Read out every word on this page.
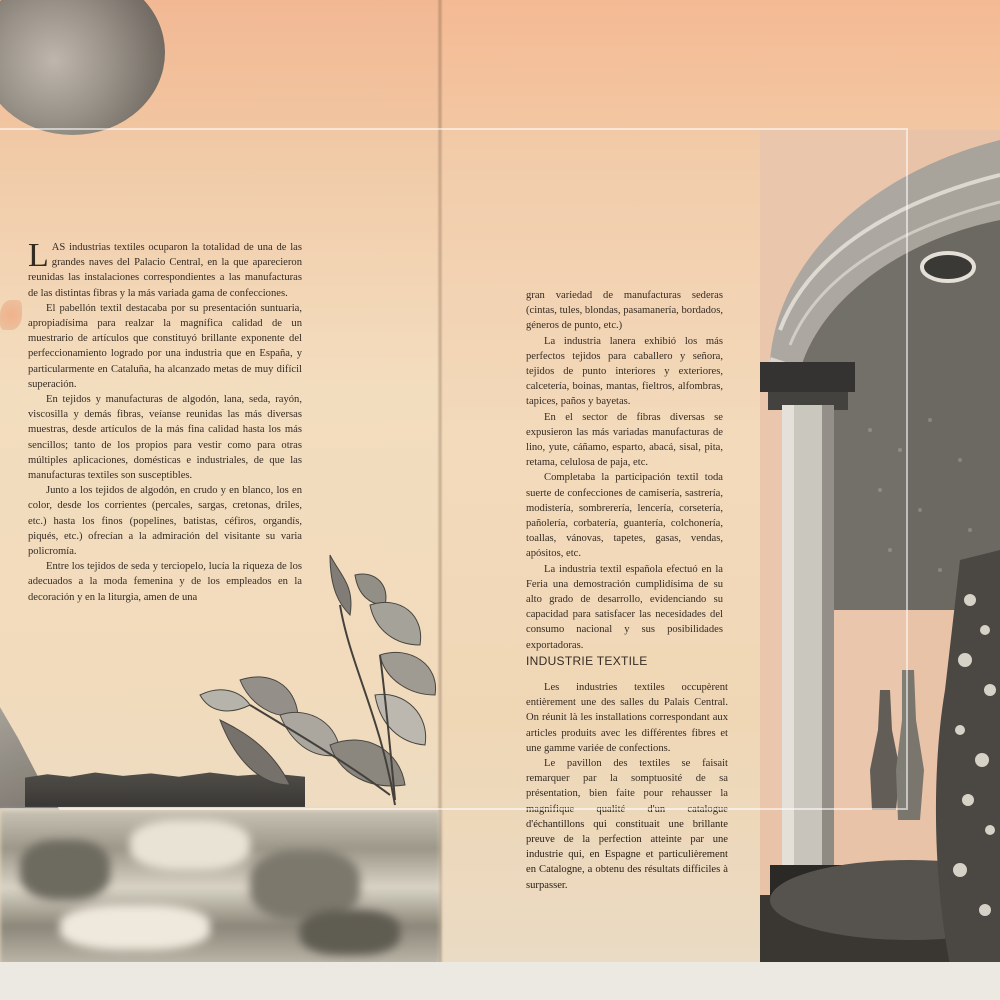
LAS industrias textiles ocuparon la totalidad de una de las grandes naves del Palacio Central, en la que aparecieron reunidas las instalaciones correspondientes a las manufacturas de las distintas fibras y la más variada gama de confecciones.

El pabellón textil destacaba por su presentación suntuaria, apropiadísima para realzar la magnífica calidad de un muestrario de artículos que constituyó brillante exponente del perfeccionamiento logrado por una industria que en España, y particularmente en Cataluña, ha alcanzado metas de muy difícil superación.

En tejidos y manufacturas de algodón, lana, seda, rayón, viscosilla y demás fibras, veíanse reunidas las más diversas muestras, desde artículos de la más fina calidad hasta los más sencillos; tanto de los propios para vestir como para otras múltiples aplicaciones, domésticas e industriales, de que las manufacturas textiles son susceptibles.

Junto a los tejidos de algodón, en crudo y en blanco, los en color, desde los corrientes (percales, sargas, cretonas, driles, etc.) hasta los finos (popelines, batistas, céfiros, organdís, piqués, etc.) ofrecían a la admiración del visitante su varia policromía.

Entre los tejidos de seda y terciopelo, lucía la riqueza de los adecuados a la moda femenina y de los empleados en la decoración y en la liturgia, amen de una

gran variedad de manufacturas sederas (cintas, tules, blondas, pasamanería, bordados, géneros de punto, etc.)

La industria lanera exhibió los más perfectos tejidos para caballero y señora, tejidos de punto interiores y exteriores, calcetería, boinas, mantas, fieltros, alfombras, tapices, paños y bayetas.

En el sector de fibras diversas se expusieron las más variadas manufacturas de lino, yute, cáñamo, esparto, abacá, sisal, pita, retama, celulosa de paja, etc.

Completaba la participación textil toda suerte de confecciones de camisería, sastrería, modistería, sombrerería, lencería, corsetería, pañolería, corbatería, guantería, colchonería, toallas, vánovas, tapetes, gasas, vendas, apósitos, etc.

La industria textil española efectuó en la Feria una demostración cumplidísima de su alto grado de desarrollo, evidenciando su capacidad para satisfacer las necesidades del consumo nacional y sus posibilidades exportadoras.

INDUSTRIE TEXTILE

Les industries textiles occupèrent entièrement une des salles du Palais Central. On réunit là les installations correspondant aux articles produits avec les différentes fibres et une gamme variée de confections.

Le pavillon des textiles se faisait remarquer par la somptuosité de sa présentation, bien faite pour rehausser la magnifique qualité d'un catalogue d'échantillons qui constituait une brillante preuve de la perfection atteinte par une industrie qui, en Espagne et particulièrement en Catalogne, a obtenu des résultats difficiles à surpasser.
